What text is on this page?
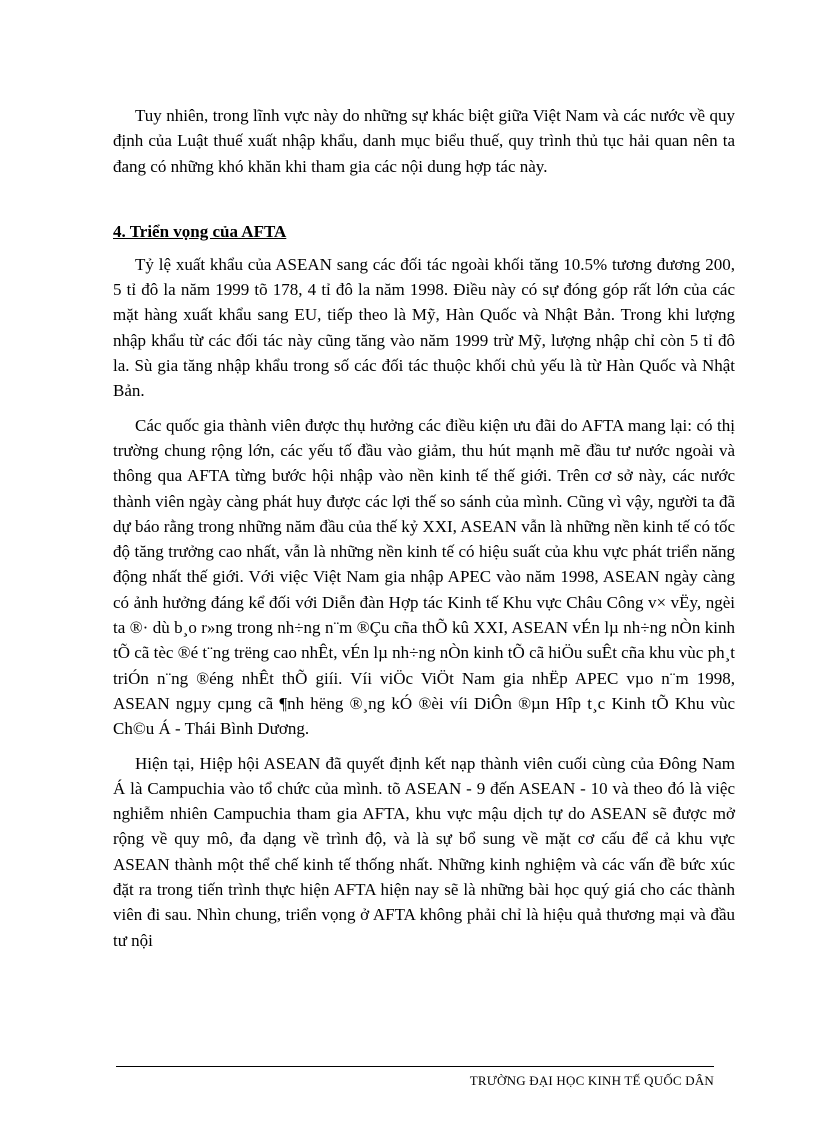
Tuy nhiên, trong lĩnh vực này do những sự khác biệt giữa Việt Nam và các nước về quy định của Luật thuế xuất nhập khẩu, danh mục biểu thuế, quy trình thủ tục hải quan nên ta đang có những khó khăn khi tham gia các nội dung hợp tác này.

4. Triển vọng của AFTA

Tỷ lệ xuất khẩu của ASEAN sang các đối tác ngoài khối tăng 10.5% tương đương 200, 5 tỉ đô la năm 1999 tõ 178, 4 tỉ đô la năm 1998. Điều này có sự đóng góp rất lớn của các mặt hàng xuất khẩu sang EU, tiếp theo là Mỹ, Hàn Quốc và Nhật Bản. Trong khi lượng nhập khẩu từ các đối tác này cũng tăng vào năm 1999 trừ Mỹ, lượng nhập chỉ còn 5 tỉ đô la. Sù gia tăng nhập khẩu trong số các đối tác thuộc khối chủ yếu là từ Hàn Quốc và Nhật Bản.

Các quốc gia thành viên được thụ hưởng các điều kiện ưu đãi do AFTA mang lại: có thị trường chung rộng lớn, các yếu tố đầu vào giảm, thu hút mạnh mẽ đầu tư nước ngoài và thông qua AFTA từng bước hội nhập vào nền kinh tế thế giới. Trên cơ sở này, các nước thành viên ngày càng phát huy được các lợi thế so sánh của mình. Cũng vì vậy, người ta đã dự báo rằng trong những năm đầu của thế kỷ XXI, ASEAN vẫn là những nền kinh tế có tốc độ tăng trưởng cao nhất, vẫn là những nền kinh tế có hiệu suất của khu vực phát triển năng động nhất thế giới. Với việc Việt Nam gia nhập APEC vào năm 1998, ASEAN ngày càng có ảnh hưởng đáng kể đối với Diễn đàn Hợp tác Kinh tế Khu vực Châu Công v× vËy, ngèi ta ®· dù b¸o r»ng trong nh÷ng n¨m ®Çu cña thÕ kû XXI, ASEAN vÉn lµ nh÷ng nÒn kinh tÕ cã tèc ®é t¨ng trëng cao nhÊt, vÉn lµ nh÷ng nÒn kinh tÕ cã hiÖu suÊt cña khu vùc ph¸t triÓn n¨ng ®éng nhÊt thÕ giíi. Víi viÖc ViÖt Nam gia nhËp APEC vµo n¨m 1998, ASEAN ngµy cµng cã ¶nh hëng ®¸ng kÓ ®èi víi DiÔn ®µn Hîp t¸c Kinh tÕ Khu vùc Ch©u Á - Thái Bình Dương.

Hiện tại, Hiệp hội ASEAN đã quyết định kết nạp thành viên cuối cùng của Đông Nam Á là Campuchia vào tổ chức của mình. tõ ASEAN - 9 đến ASEAN - 10 và theo đó là việc nghiễm nhiên Campuchia tham gia AFTA, khu vực mậu dịch tự do ASEAN sẽ được mở rộng về quy mô, đa dạng về trình độ, và là sự bổ sung về mặt cơ cấu để cả khu vực ASEAN thành một thể chế kinh tế thống nhất. Những kinh nghiệm và các vấn đề bức xúc đặt ra trong tiến trình thực hiện AFTA hiện nay sẽ là những bài học quý giá cho các thành viên đi sau. Nhìn chung, triển vọng ở AFTA không phải chỉ là hiệu quả thương mại và đầu tư nội

TRƯỜNG ĐẠI HỌC KINH TẾ QUỐC DÂN
